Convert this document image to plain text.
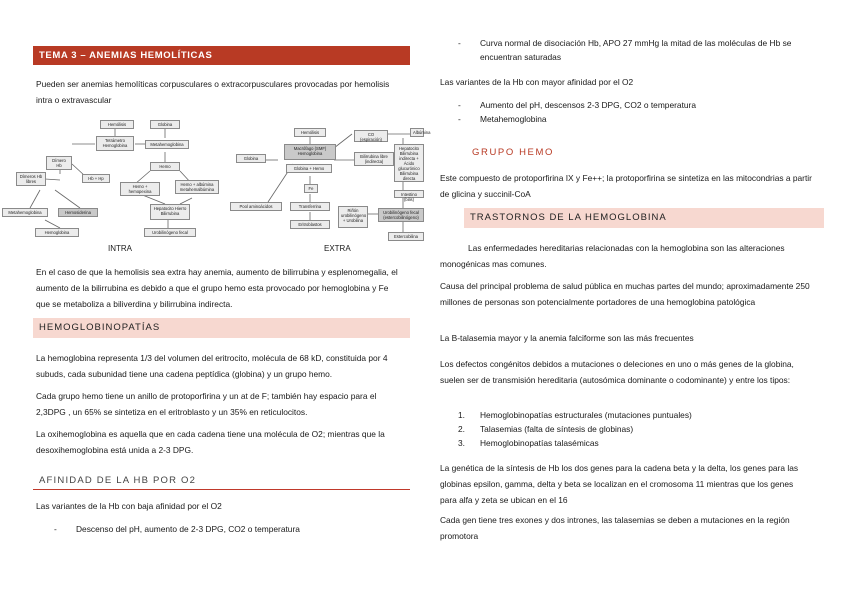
TEMA 3 – ANEMIAS HEMOLÍTICAS

Pueden ser anemias hemolíticas corpusculares o extracorpusculares provocadas por hemolisis intra o extravascular

Hemólisis	Globina
Tetrámetro Hemoglobina	Metahemoglobina
Dímero Hb
Hb + Hp
Hemo
Dímeros Hb libres
Hemo + hemopexina
Hemo + albúmina metahemalbúmina
Metahemoglobina	Hemosiderina
Hepatocito Hierro Bilirrubina
Hemoglobina	Urobilinógeno fecal
INTRA
Hemólisis
Macrófago (SMF) Hemoglobina
Globina + Hemo
Globina
Fe
Transferrina
Eritroblastos
Pool aminoácidos
CO (espiración)
Albúmina
Bilirrubina libre (indirecta)
Hepatocito Bilirrubina indirecta + Ácido glucurónico Bilirrubina directa
Intestino (bilis)
Urobilinógeno fecal (estercobilinógeno)
Riñón urobilinógeno + Urobilina
Estercobilina
EXTRA

En el caso de que la hemolisis sea extra hay anemia, aumento de bilirrubina y esplenomegalia, el aumento de la bilirrubina es debido a que el grupo hemo esta provocado por hemoglobina y Fe que se metaboliza a biliverdina y bilirrubina indirecta.

HEMOGLOBINOPATÍAS

La hemoglobina representa 1/3 del volumen del eritrocito, molécula de 68 kD, constituida por 4 subuds, cada subunidad tiene una cadena peptídica (globina) y un grupo hemo.

Cada grupo hemo tiene un anillo de protoporfirina y un at de F; también hay espacio para el 2,3DPG , un 65% se sintetiza en el eritroblasto y un 35% en reticulocitos.

La oxihemoglobina es aquella que en cada cadena tiene una molécula de O2; mientras que la desoxihemoglobina está unida a 2-3 DPG.

AFINIDAD DE LA HB POR O2

Las variantes de la Hb con baja afinidad por el O2

-	Descenso del pH, aumento de 2-3 DPG, CO2 o temperatura
-	Curva normal de disociación Hb, APO 27 mmHg la mitad de las moléculas de Hb se encuentran saturadas

Las variantes de la Hb con mayor afinidad por el O2

-	Aumento del pH, descensos 2-3 DPG, CO2 o temperatura
-	Metahemoglobina
GRUPO HEMO

Este compuesto de protoporfirina IX y Fe++; la protoporfirina se sintetiza en las mitocondrias a partir de glicina y succinil-CoA

TRASTORNOS DE LA HEMOGLOBINA

Las enfermedades hereditarias relacionadas con la hemoglobina son las alteraciones monogénicas mas comunes.

Causa del principal problema de salud pública en muchas partes del mundo; aproximadamente 250 millones de personas son potencialmente portadores de una hemoglobina patológica

La B-talasemia mayor y la anemia falciforme son las más frecuentes

Los defectos congénitos debidos a mutaciones o deleciones en uno o más genes de la globina, suelen ser de transmisión hereditaria (autosómica dominante o codominante) y entre los tipos:

1.	Hemoglobinopatías estructurales (mutaciones puntuales)
2.	Talasemias (falta de síntesis de globinas)
3.	Hemoglobinopatías talasémicas

La genética de la síntesis de Hb los dos genes para la cadena beta y la delta, los genes para las globinas epsilon, gamma, delta y beta se localizan en el cromosoma 11 mientras que los genes para alfa y zeta se ubican en el 16

Cada gen tiene tres exones y dos intrones, las talasemias se deben a mutaciones en la región promotora
